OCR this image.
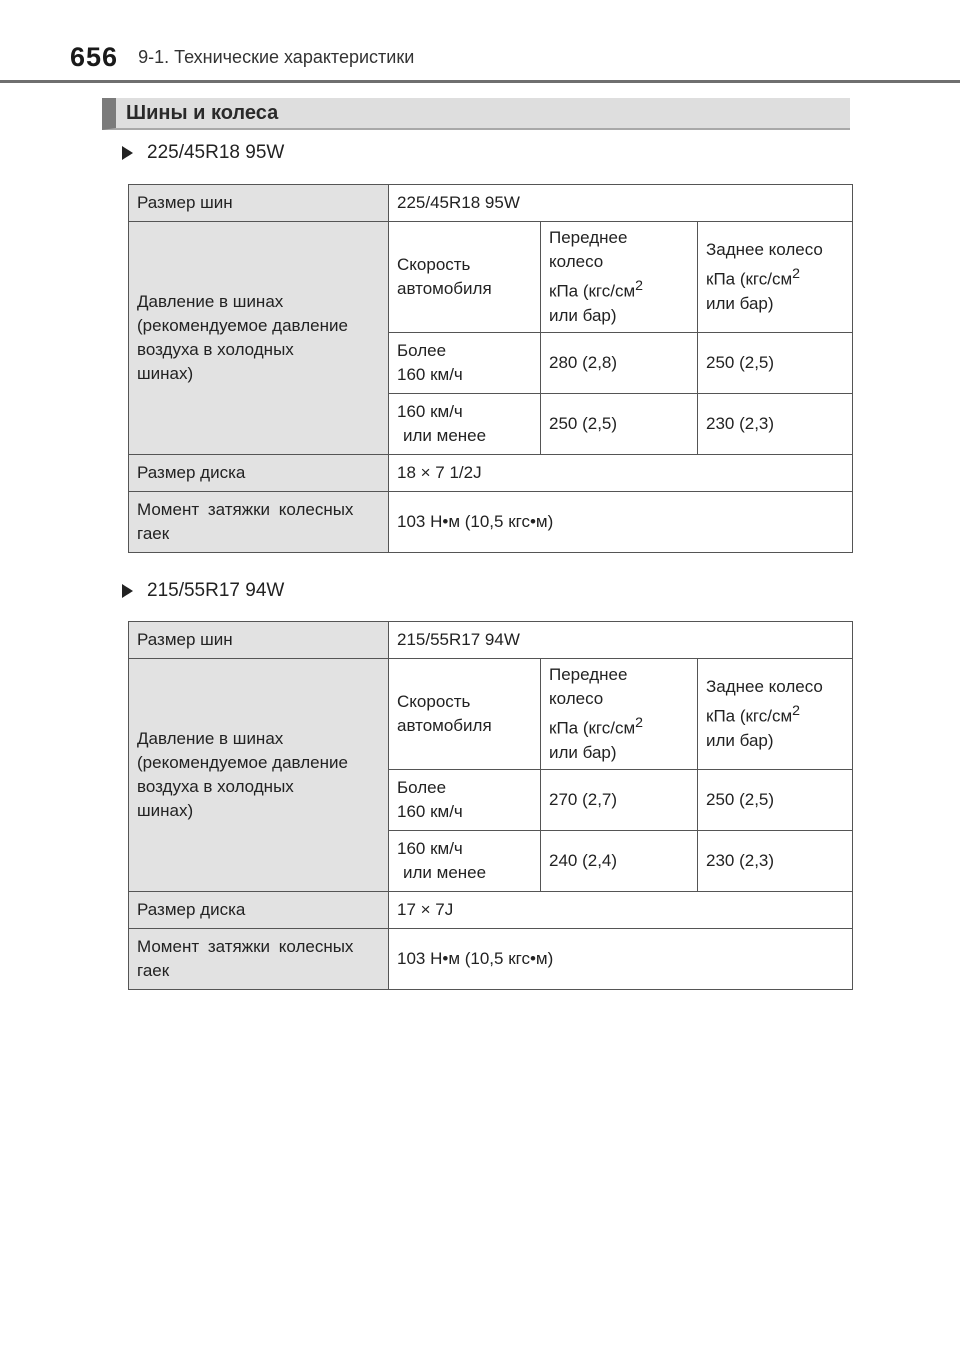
656 9-1. Технические характеристики
Шины и колеса
225/45R18 95W
Размер шин	225/45R18 95W		
Давление в шинах
(рекомендуемое давление
воздуха в холодных
шинах)	Скорость
автомобиля	Переднее
колесо
кПа ($кгс/см^2$
или бар)	Заднее колесо
кПа ($кгс/см^2$
или бар)
	Более
160 км/ч	280 (2,8)	250 (2,5)
	160 км/ч
или менее	250 (2,5)	230 (2,3)
Размер диска	18 × 7 1/2J		
Момент затяжки колесных
гаек	103 Н•м (10,5 кгс•м)		
215/55R17 94W
Размер шин	215/55R17 94W		
Давление в шинах
(рекомендуемое давление
воздуха в холодных
шинах)	Скорость
автомобиля	Переднее
колесо
кПа ($кгс/см^2$
или бар)	Заднее колесо
кПа ($кгс/см^2$
или бар)
	Более
160 км/ч	270 (2,7)	250 (2,5)
	160 км/ч
или менее	240 (2,4)	230 (2,3)
Размер диска	17 × 7J		
Момент затяжки колесных
гаек	103 Н•м (10,5 кгс•м)		
